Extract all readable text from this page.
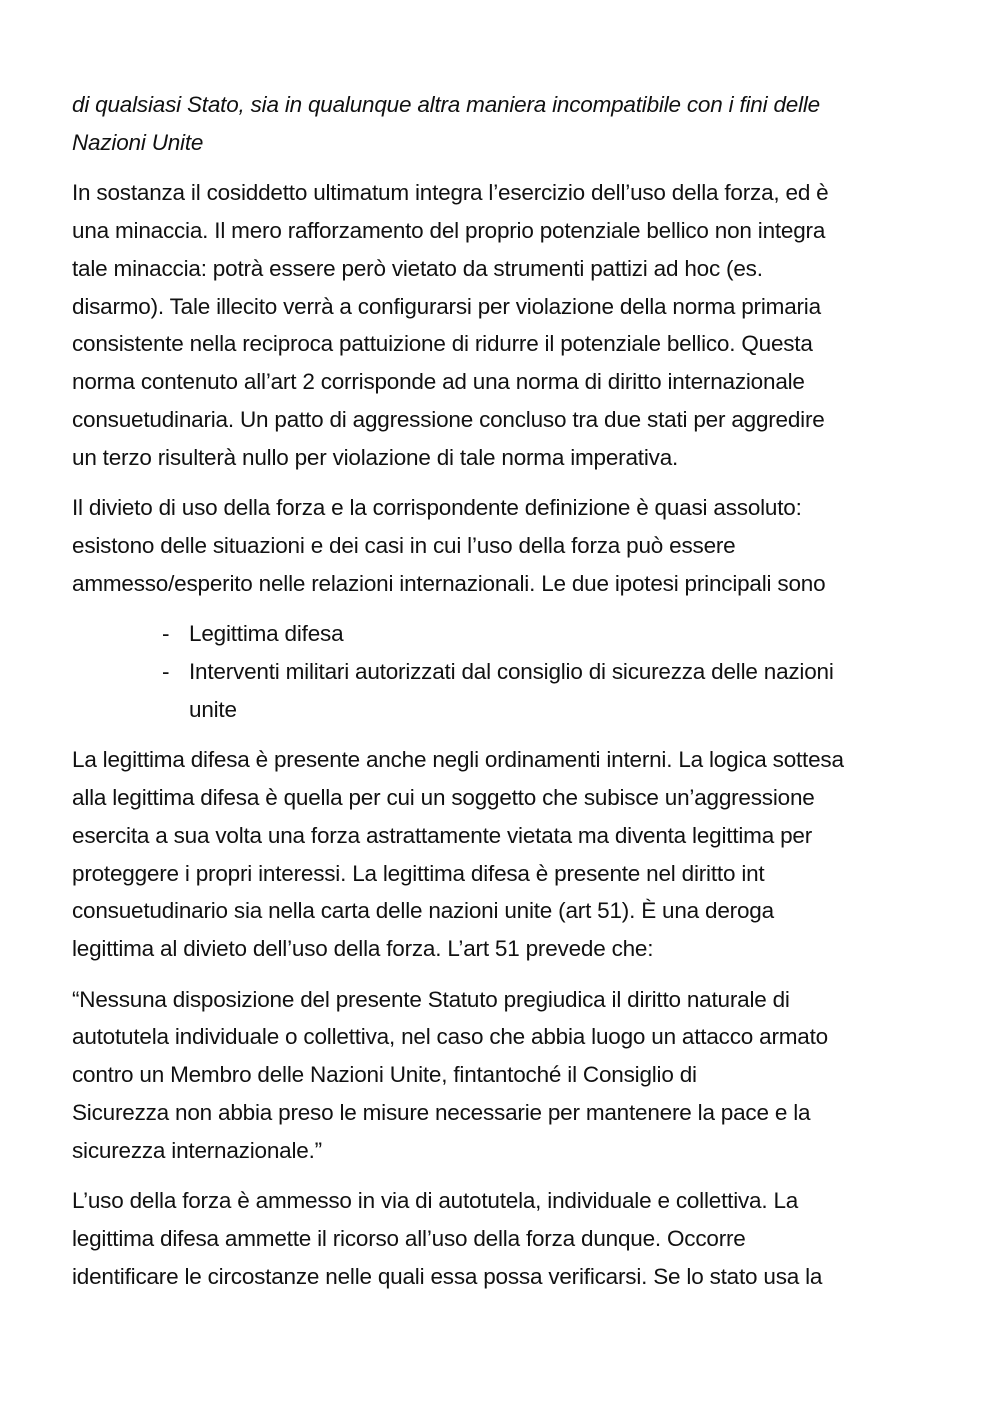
di qualsiasi Stato, sia in qualunque altra maniera incompatibile con i fini delle
Nazioni Unite

In sostanza il cosiddetto ultimatum integra l’esercizio dell’uso della forza, ed è
una minaccia. Il mero rafforzamento del proprio potenziale bellico non integra
tale minaccia: potrà essere però vietato da strumenti pattizi ad hoc (es.
disarmo). Tale illecito verrà a configurarsi per violazione della norma primaria
consistente nella reciproca pattuizione di ridurre il potenziale bellico. Questa
norma contenuto all’art 2 corrisponde ad una norma di diritto internazionale
consuetudinaria. Un patto di aggressione concluso tra due stati per aggredire
un terzo risulterà nullo per violazione di tale norma imperativa.

Il divieto di uso della forza e la corrispondente definizione è quasi assoluto:
esistono delle situazioni e dei casi in cui l’uso della forza può essere
ammesso/esperito nelle relazioni internazionali. Le due ipotesi principali sono

- Legittima difesa
- Interventi militari autorizzati dal consiglio di sicurezza delle nazioni
unite

La legittima difesa è presente anche negli ordinamenti interni. La logica sottesa
alla legittima difesa è quella per cui un soggetto che subisce un’aggressione
esercita a sua volta una forza astrattamente vietata ma diventa legittima per
proteggere i propri interessi. La legittima difesa è presente nel diritto int
consuetudinario sia nella carta delle nazioni unite (art 51). È una deroga
legittima al divieto dell’uso della forza. L’art 51 prevede che:

“Nessuna disposizione del presente Statuto pregiudica il diritto naturale di
autotutela individuale o collettiva, nel caso che abbia luogo un attacco armato
contro un Membro delle Nazioni Unite, fintantoché il Consiglio di
Sicurezza non abbia preso le misure necessarie per mantenere la pace e la
sicurezza internazionale.”

L’uso della forza è ammesso in via di autotutela, individuale e collettiva. La
legittima difesa ammette il ricorso all’uso della forza dunque. Occorre
identificare le circostanze nelle quali essa possa verificarsi. Se lo stato usa la
